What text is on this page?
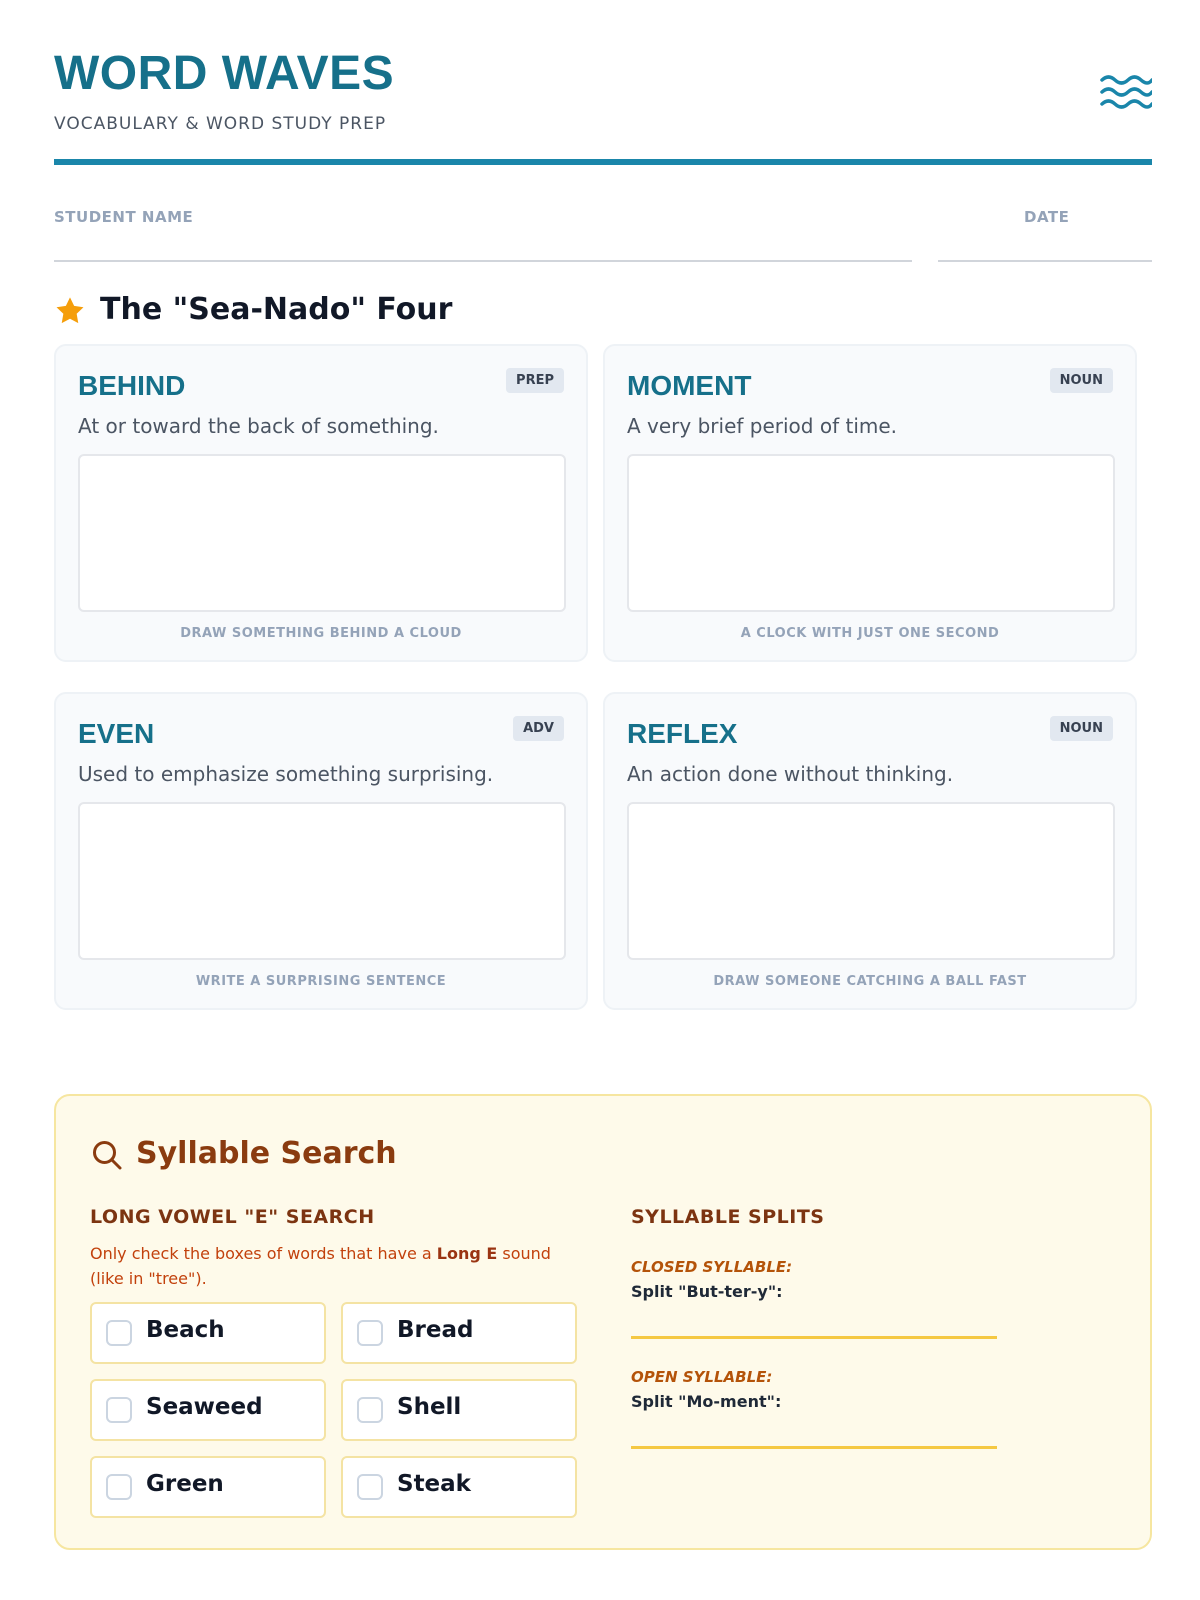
WORD WAVES
VOCABULARY & WORD STUDY PREP
STUDENT NAME	DATE
The "Sea-Nado" Four
BEHIND	PREP
At or toward the back of something.
DRAW SOMETHING BEHIND A CLOUD
MOMENT	NOUN
A very brief period of time.
A CLOCK WITH JUST ONE SECOND
EVEN	ADV
Used to emphasize something surprising.
WRITE A SURPRISING SENTENCE
REFLEX	NOUN
An action done without thinking.
DRAW SOMEONE CATCHING A BALL FAST
Syllable Search
LONG VOWEL "E" SEARCH
Only check the boxes of words that have a Long E sound (like in "tree").
Beach	Bread
Seaweed	Shell
Green	Steak
SYLLABLE SPLITS
CLOSED SYLLABLE:
Split "But-ter-y":
OPEN SYLLABLE:
Split "Mo-ment":
